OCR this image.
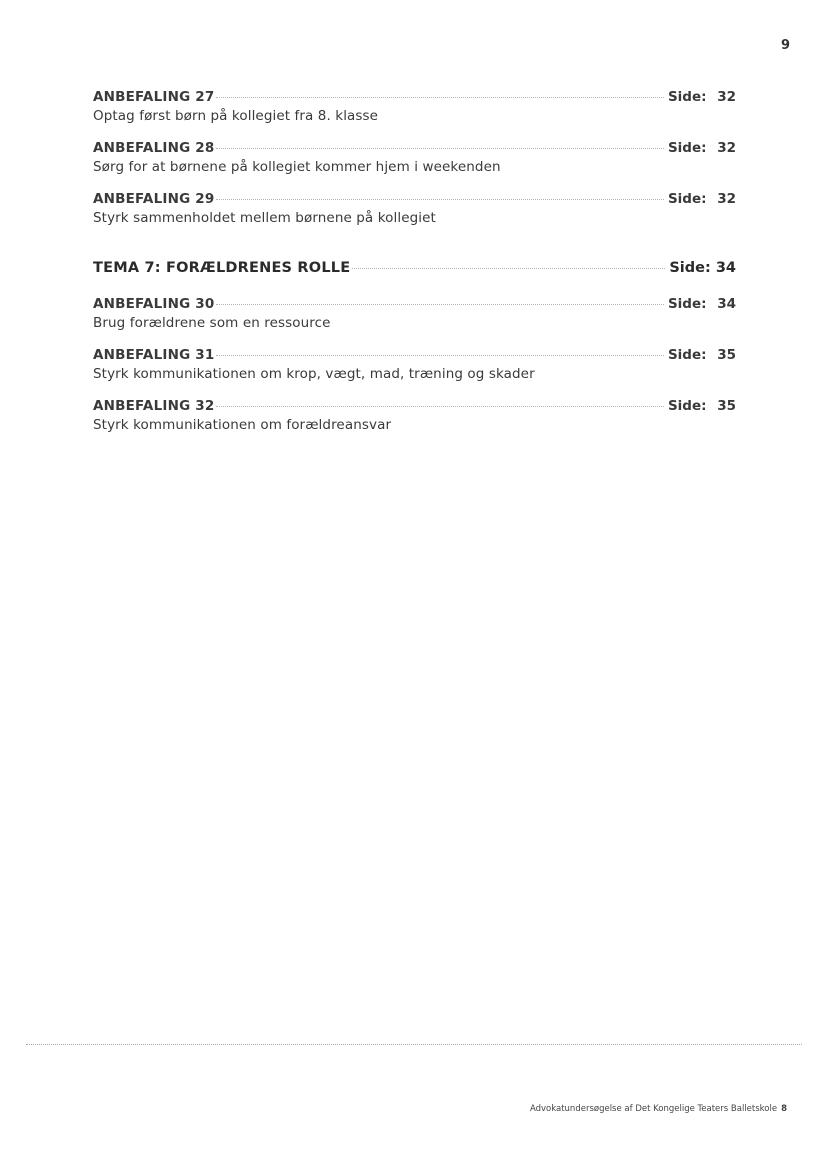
9
ANBEFALING 27	Side: 32
Optag først børn på kollegiet fra 8. klasse
ANBEFALING 28	Side: 32
Sørg for at børnene på kollegiet kommer hjem i weekenden
ANBEFALING 29	Side: 32
Styrk sammenholdet mellem børnene på kollegiet
TEMA 7: FORÆLDRENES ROLLE	Side: 34
ANBEFALING 30	Side: 34
Brug forældrene som en ressource
ANBEFALING 31	Side: 35
Styrk kommunikationen om krop, vægt, mad, træning og skader
ANBEFALING 32	Side: 35
Styrk kommunikationen om forældreansvar
Advokatundersøgelse af Det Kongelige Teaters Balletskole 8
